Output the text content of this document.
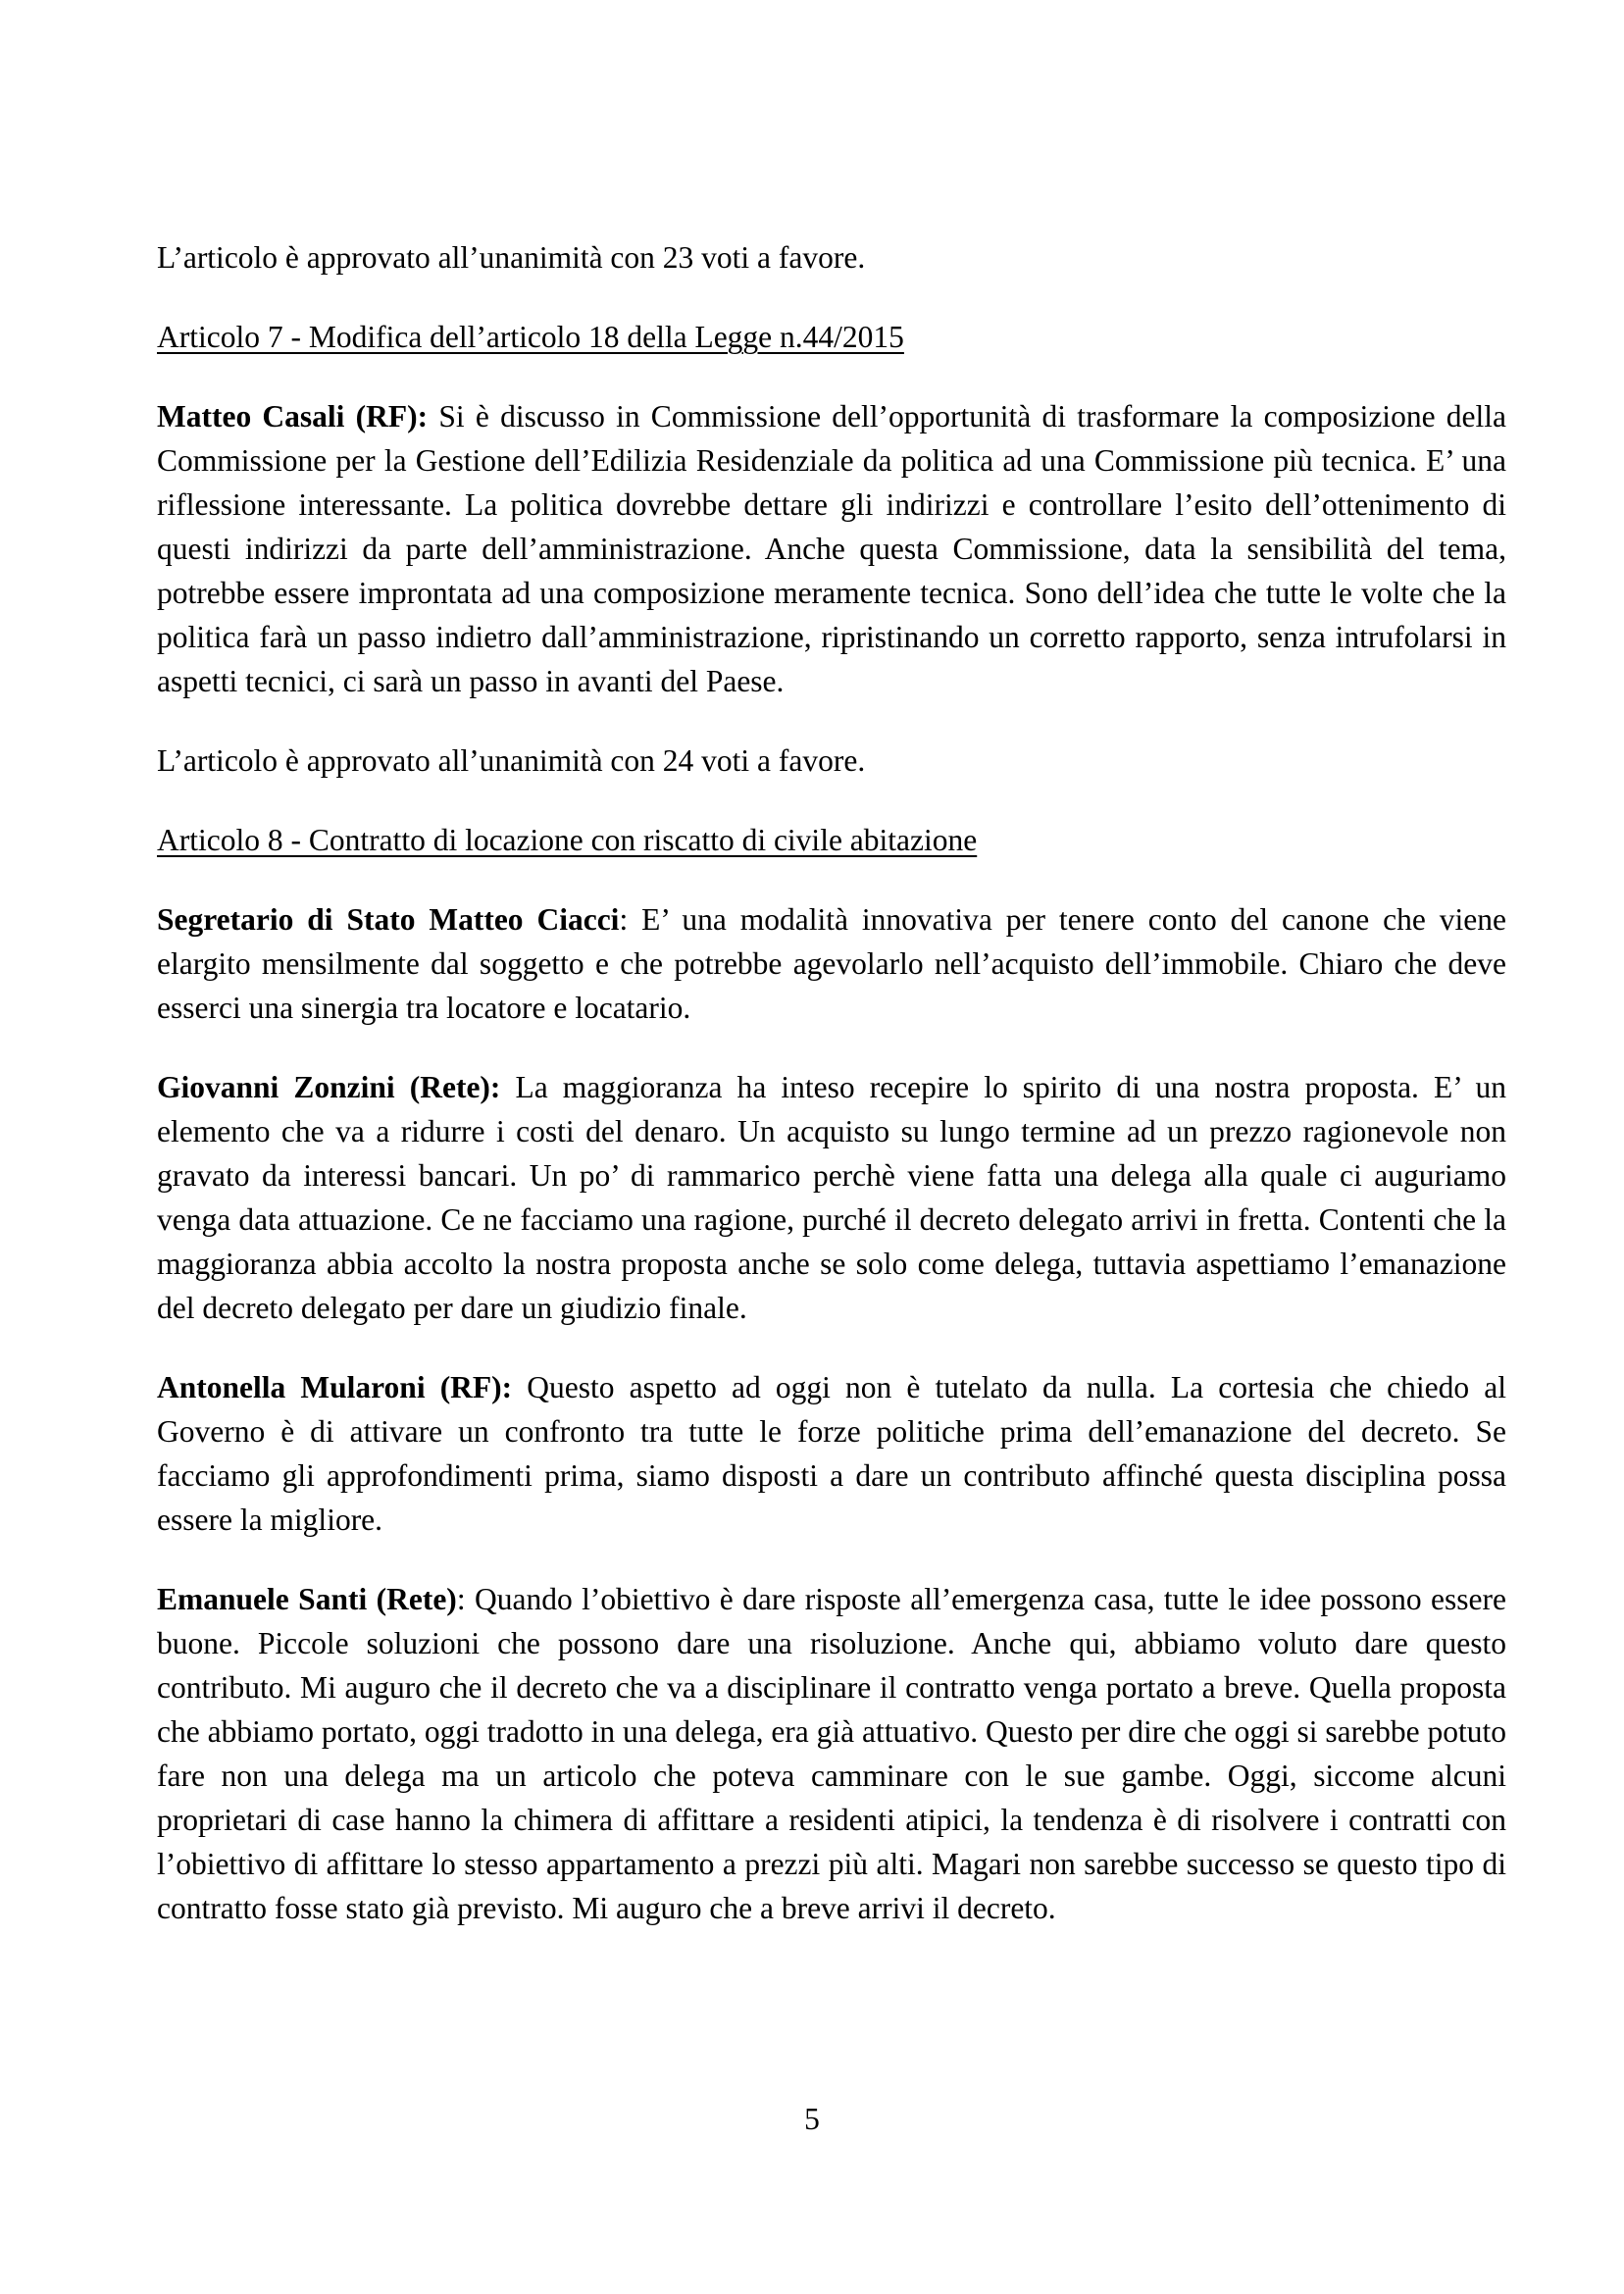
L’articolo è approvato all’unanimità con 23 voti a favore.

Articolo 7 - Modifica dell’articolo 18 della Legge n.44/2015

Matteo Casali (RF): Si è discusso in Commissione dell’opportunità di trasformare la composizione della Commissione per la Gestione dell’Edilizia Residenziale da politica ad una Commissione più tecnica. E’ una riflessione interessante. La politica dovrebbe dettare gli indirizzi e controllare l’esito dell’ottenimento di questi indirizzi da parte dell’amministrazione. Anche questa Commissione, data la sensibilità del tema, potrebbe essere improntata ad una composizione meramente tecnica. Sono dell’idea che tutte le volte che la politica farà un passo indietro dall’amministrazione, ripristinando un corretto rapporto, senza intrufolarsi in aspetti tecnici, ci sarà un passo in avanti del Paese.

L’articolo è approvato all’unanimità con 24 voti a favore.

Articolo 8 - Contratto di locazione con riscatto di civile abitazione

Segretario di Stato Matteo Ciacci: E’ una modalità innovativa per tenere conto del canone che viene elargito mensilmente dal soggetto e che potrebbe agevolarlo nell’acquisto dell’immobile. Chiaro che deve esserci una sinergia tra locatore e locatario.

Giovanni Zonzini (Rete): La maggioranza ha inteso recepire lo spirito di una nostra proposta. E’ un elemento che va a ridurre i costi del denaro. Un acquisto su lungo termine ad un prezzo ragionevole non gravato da interessi bancari. Un po’ di rammarico perchè viene fatta una delega alla quale ci auguriamo venga data attuazione. Ce ne facciamo una ragione, purché il decreto delegato arrivi in fretta. Contenti che la maggioranza abbia accolto la nostra proposta anche se solo come delega, tuttavia aspettiamo l’emanazione del decreto delegato per dare un giudizio finale.

Antonella Mularoni (RF): Questo aspetto ad oggi non è tutelato da nulla. La cortesia che chiedo al Governo è di attivare un confronto tra tutte le forze politiche prima dell’emanazione del decreto. Se facciamo gli approfondimenti prima, siamo disposti a dare un contributo affinché questa disciplina possa essere la migliore.

Emanuele Santi (Rete): Quando l’obiettivo è dare risposte all’emergenza casa, tutte le idee possono essere buone. Piccole soluzioni che possono dare una risoluzione. Anche qui, abbiamo voluto dare questo contributo. Mi auguro che il decreto che va a disciplinare il contratto venga portato a breve. Quella proposta che abbiamo portato, oggi tradotto in una delega, era già attuativo. Questo per dire che oggi si sarebbe potuto fare non una delega ma un articolo che poteva camminare con le sue gambe. Oggi, siccome alcuni proprietari di case hanno la chimera di affittare a residenti atipici, la tendenza è di risolvere i contratti con l’obiettivo di affittare lo stesso appartamento a prezzi più alti. Magari non sarebbe successo se questo tipo di contratto fosse stato già previsto. Mi auguro che a breve arrivi il decreto.

5
